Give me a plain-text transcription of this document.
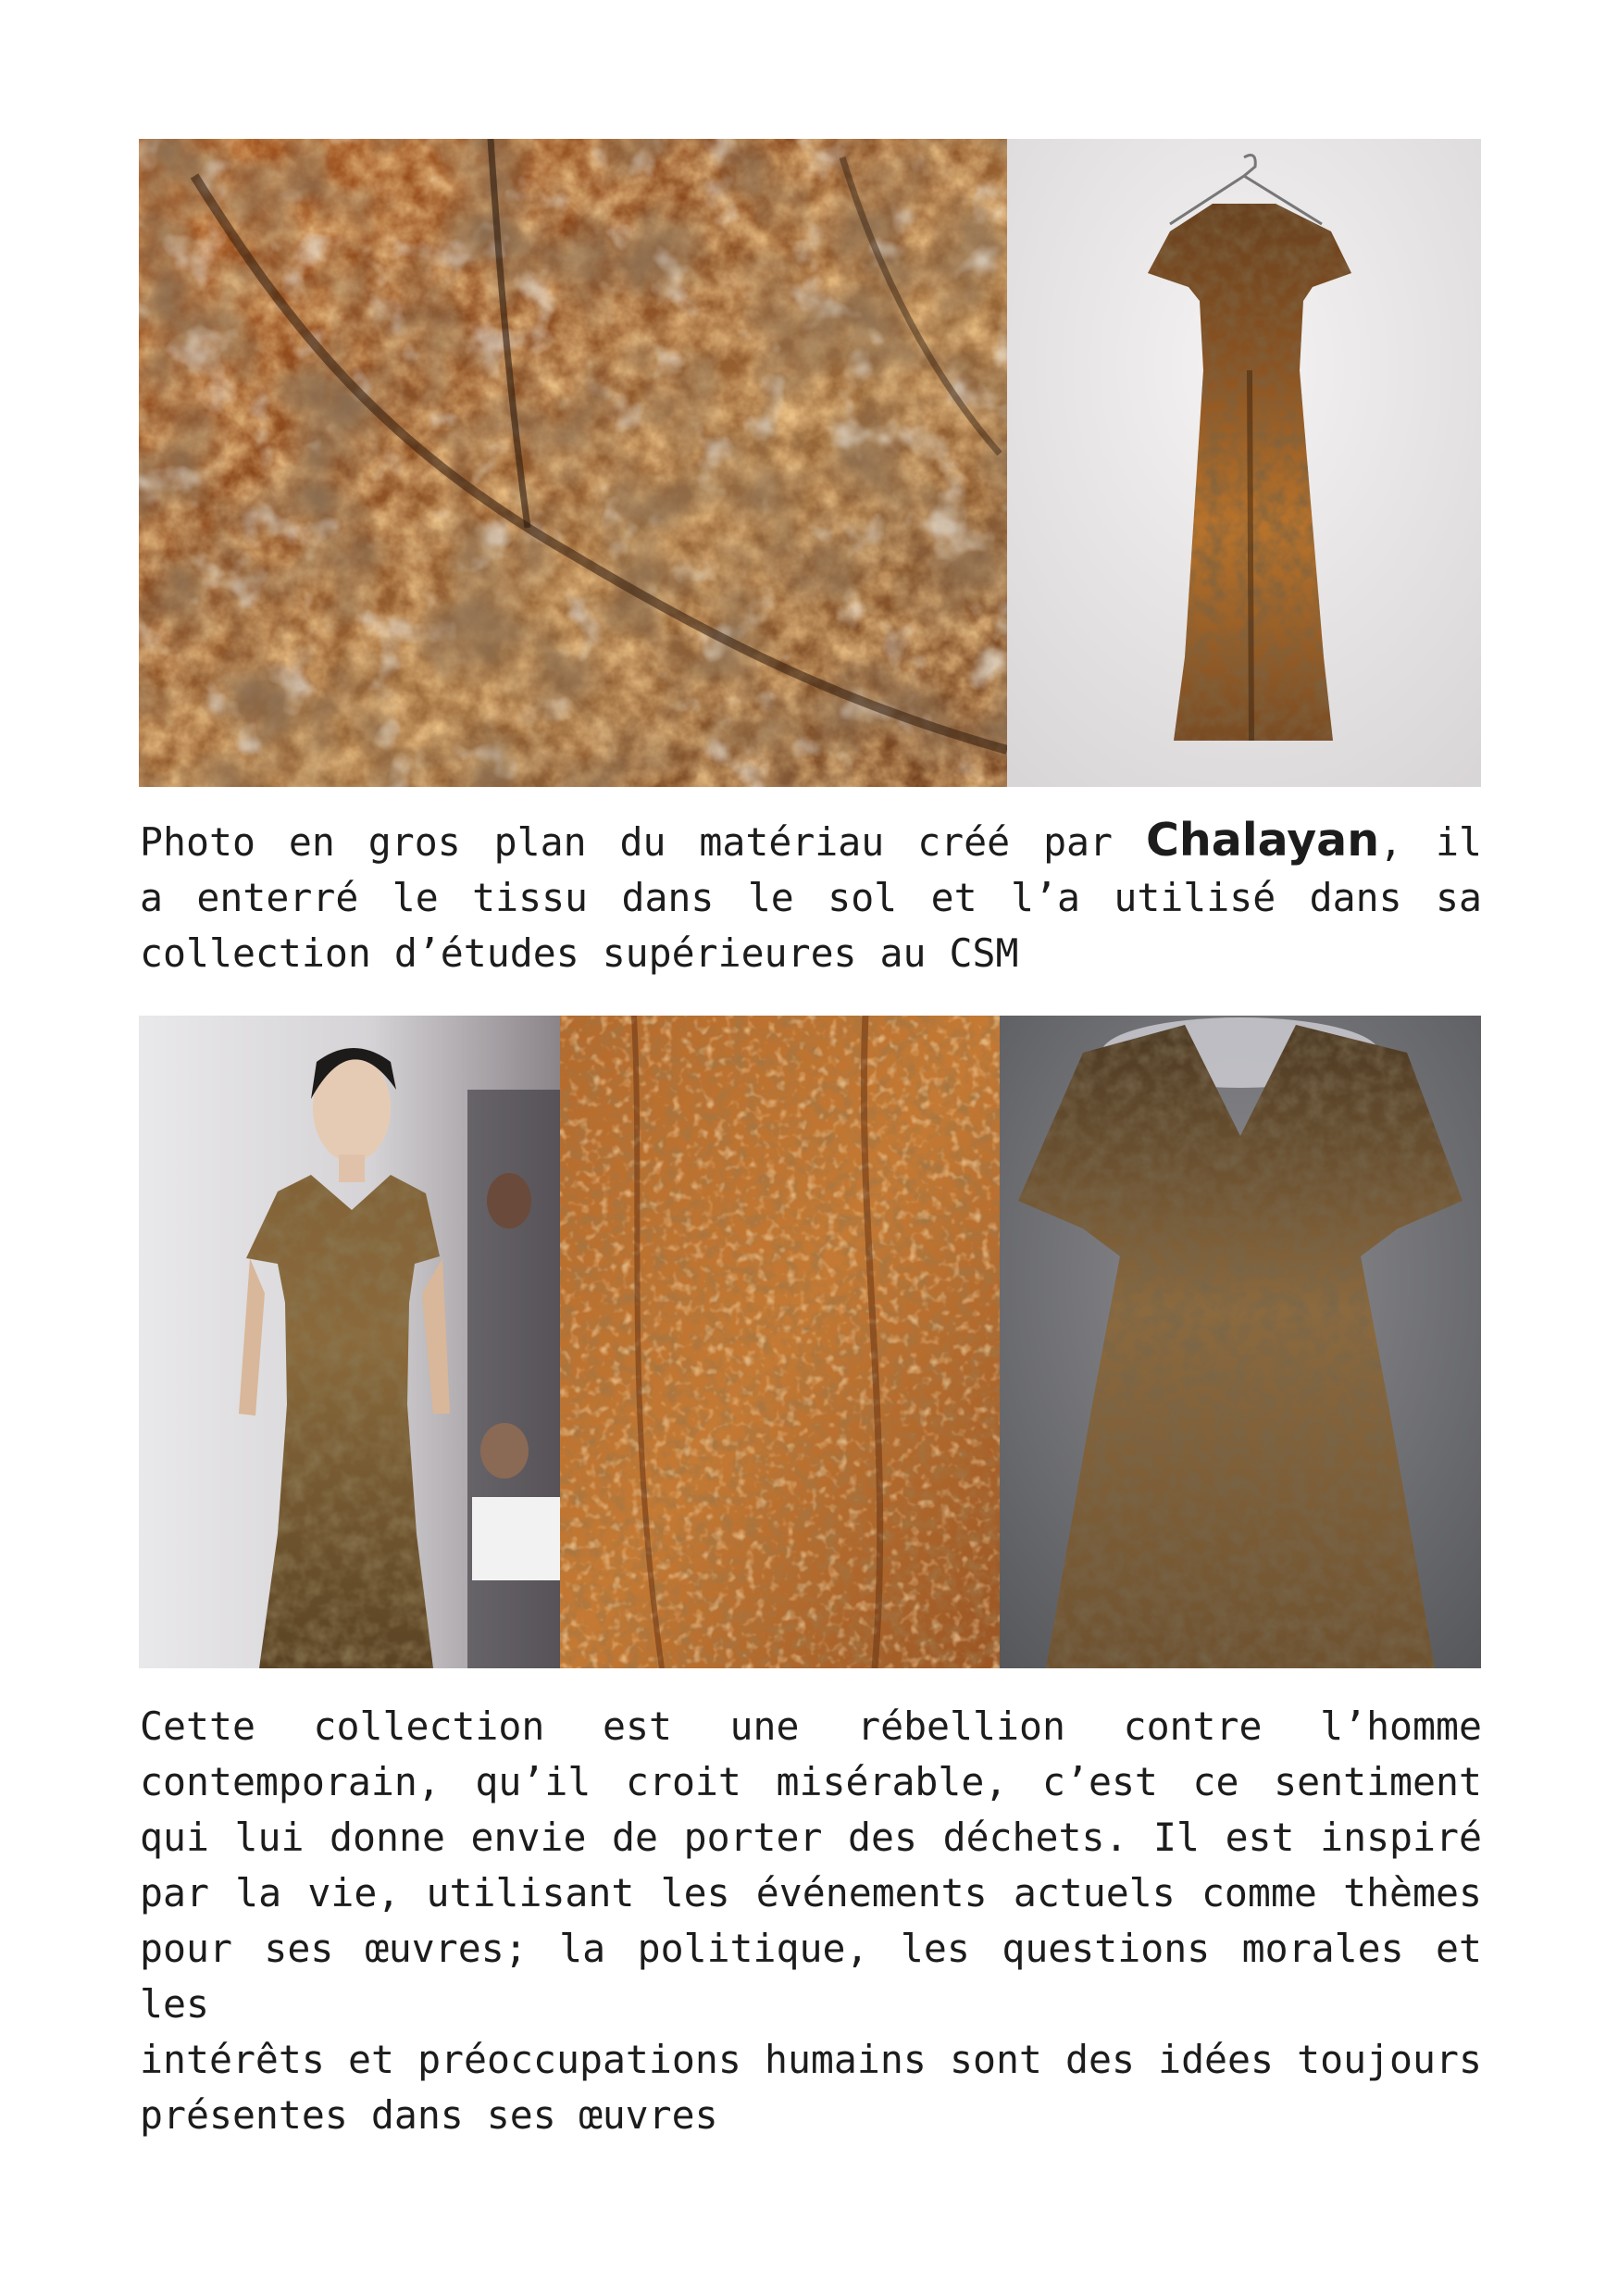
Photo en gros plan du matériau créé par Chalayan, il
a enterré le tissu dans le sol et l’a utilisé dans sa
collection d’études supérieures au CSM

Cette collection est une rébellion contre l’homme
contemporain, qu’il croit misérable, c’est ce sentiment
qui lui donne envie de porter des déchets. Il est inspiré
par la vie, utilisant les événements actuels comme thèmes
pour ses œuvres; la politique, les questions morales et les
intérêts et préoccupations humains sont des idées toujours
présentes dans ses œuvres
